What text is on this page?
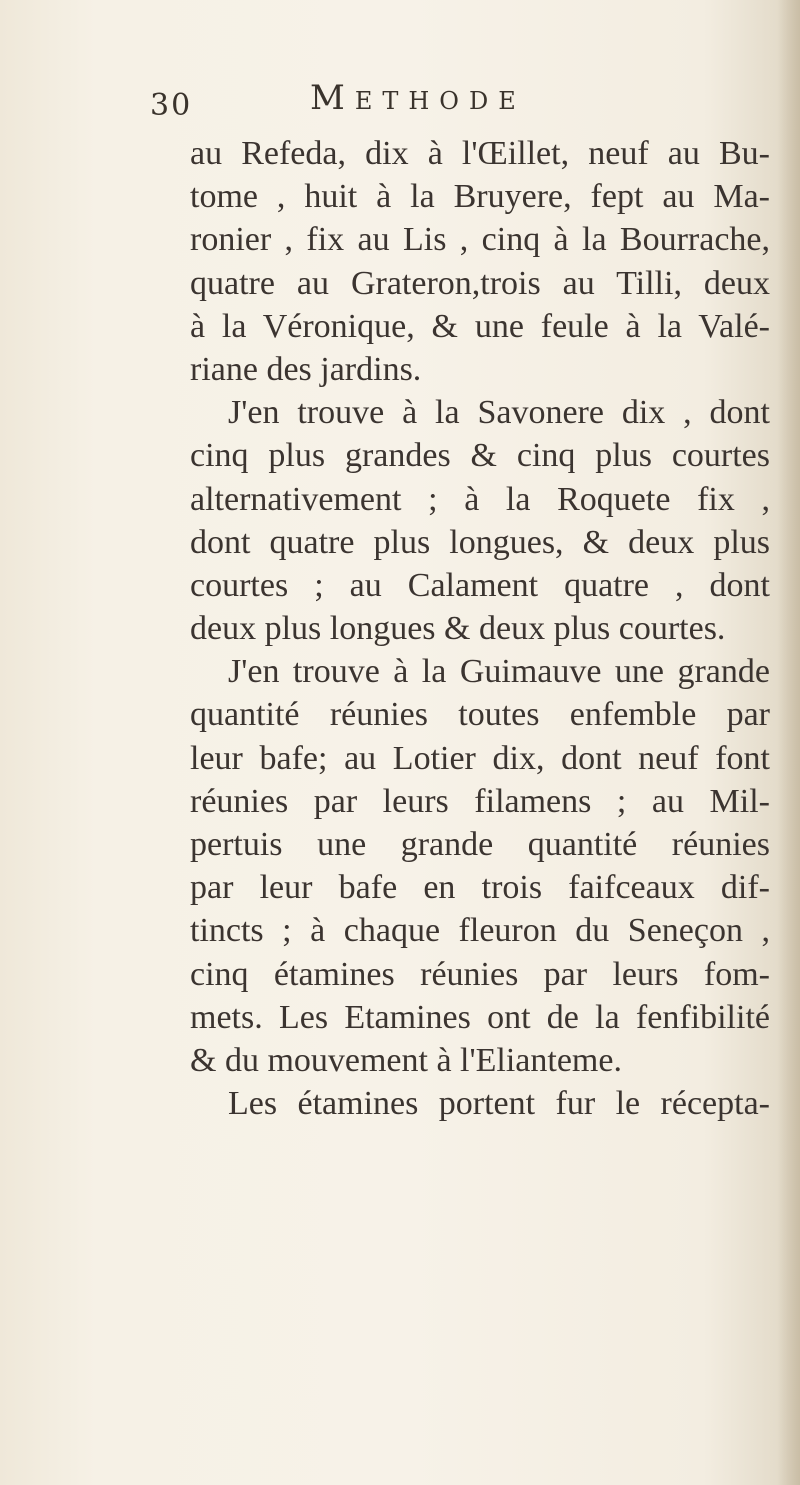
30	Methode
au Refeda, dix à l'Œillet, neuf au Bu-
tome , huit à la Bruyere, fept au Ma-
ronier , fix au Lis , cinq à la Bourrache,
quatre au Grateron,trois au Tilli, deux
à la Véronique, & une feule à la Valé-
riane des jardins.
J'en trouve à la Savonere dix , dont
cinq plus grandes & cinq plus courtes
alternativement ; à la Roquete fix ,
dont quatre plus longues, & deux plus
courtes ; au Calament quatre , dont
deux plus longues & deux plus courtes.
J'en trouve à la Guimauve une grande
quantité réunies toutes enfemble par
leur bafe; au Lotier dix, dont neuf font
réunies par leurs filamens ; au Mil-
pertuis une grande quantité réunies
par leur bafe en trois faifceaux dif-
tincts ; à chaque fleuron du Seneçon ,
cinq étamines réunies par leurs fom-
mets. Les Etamines ont de la fenfibilité
& du mouvement à l'Elianteme.
Les étamines portent fur le récepta-
